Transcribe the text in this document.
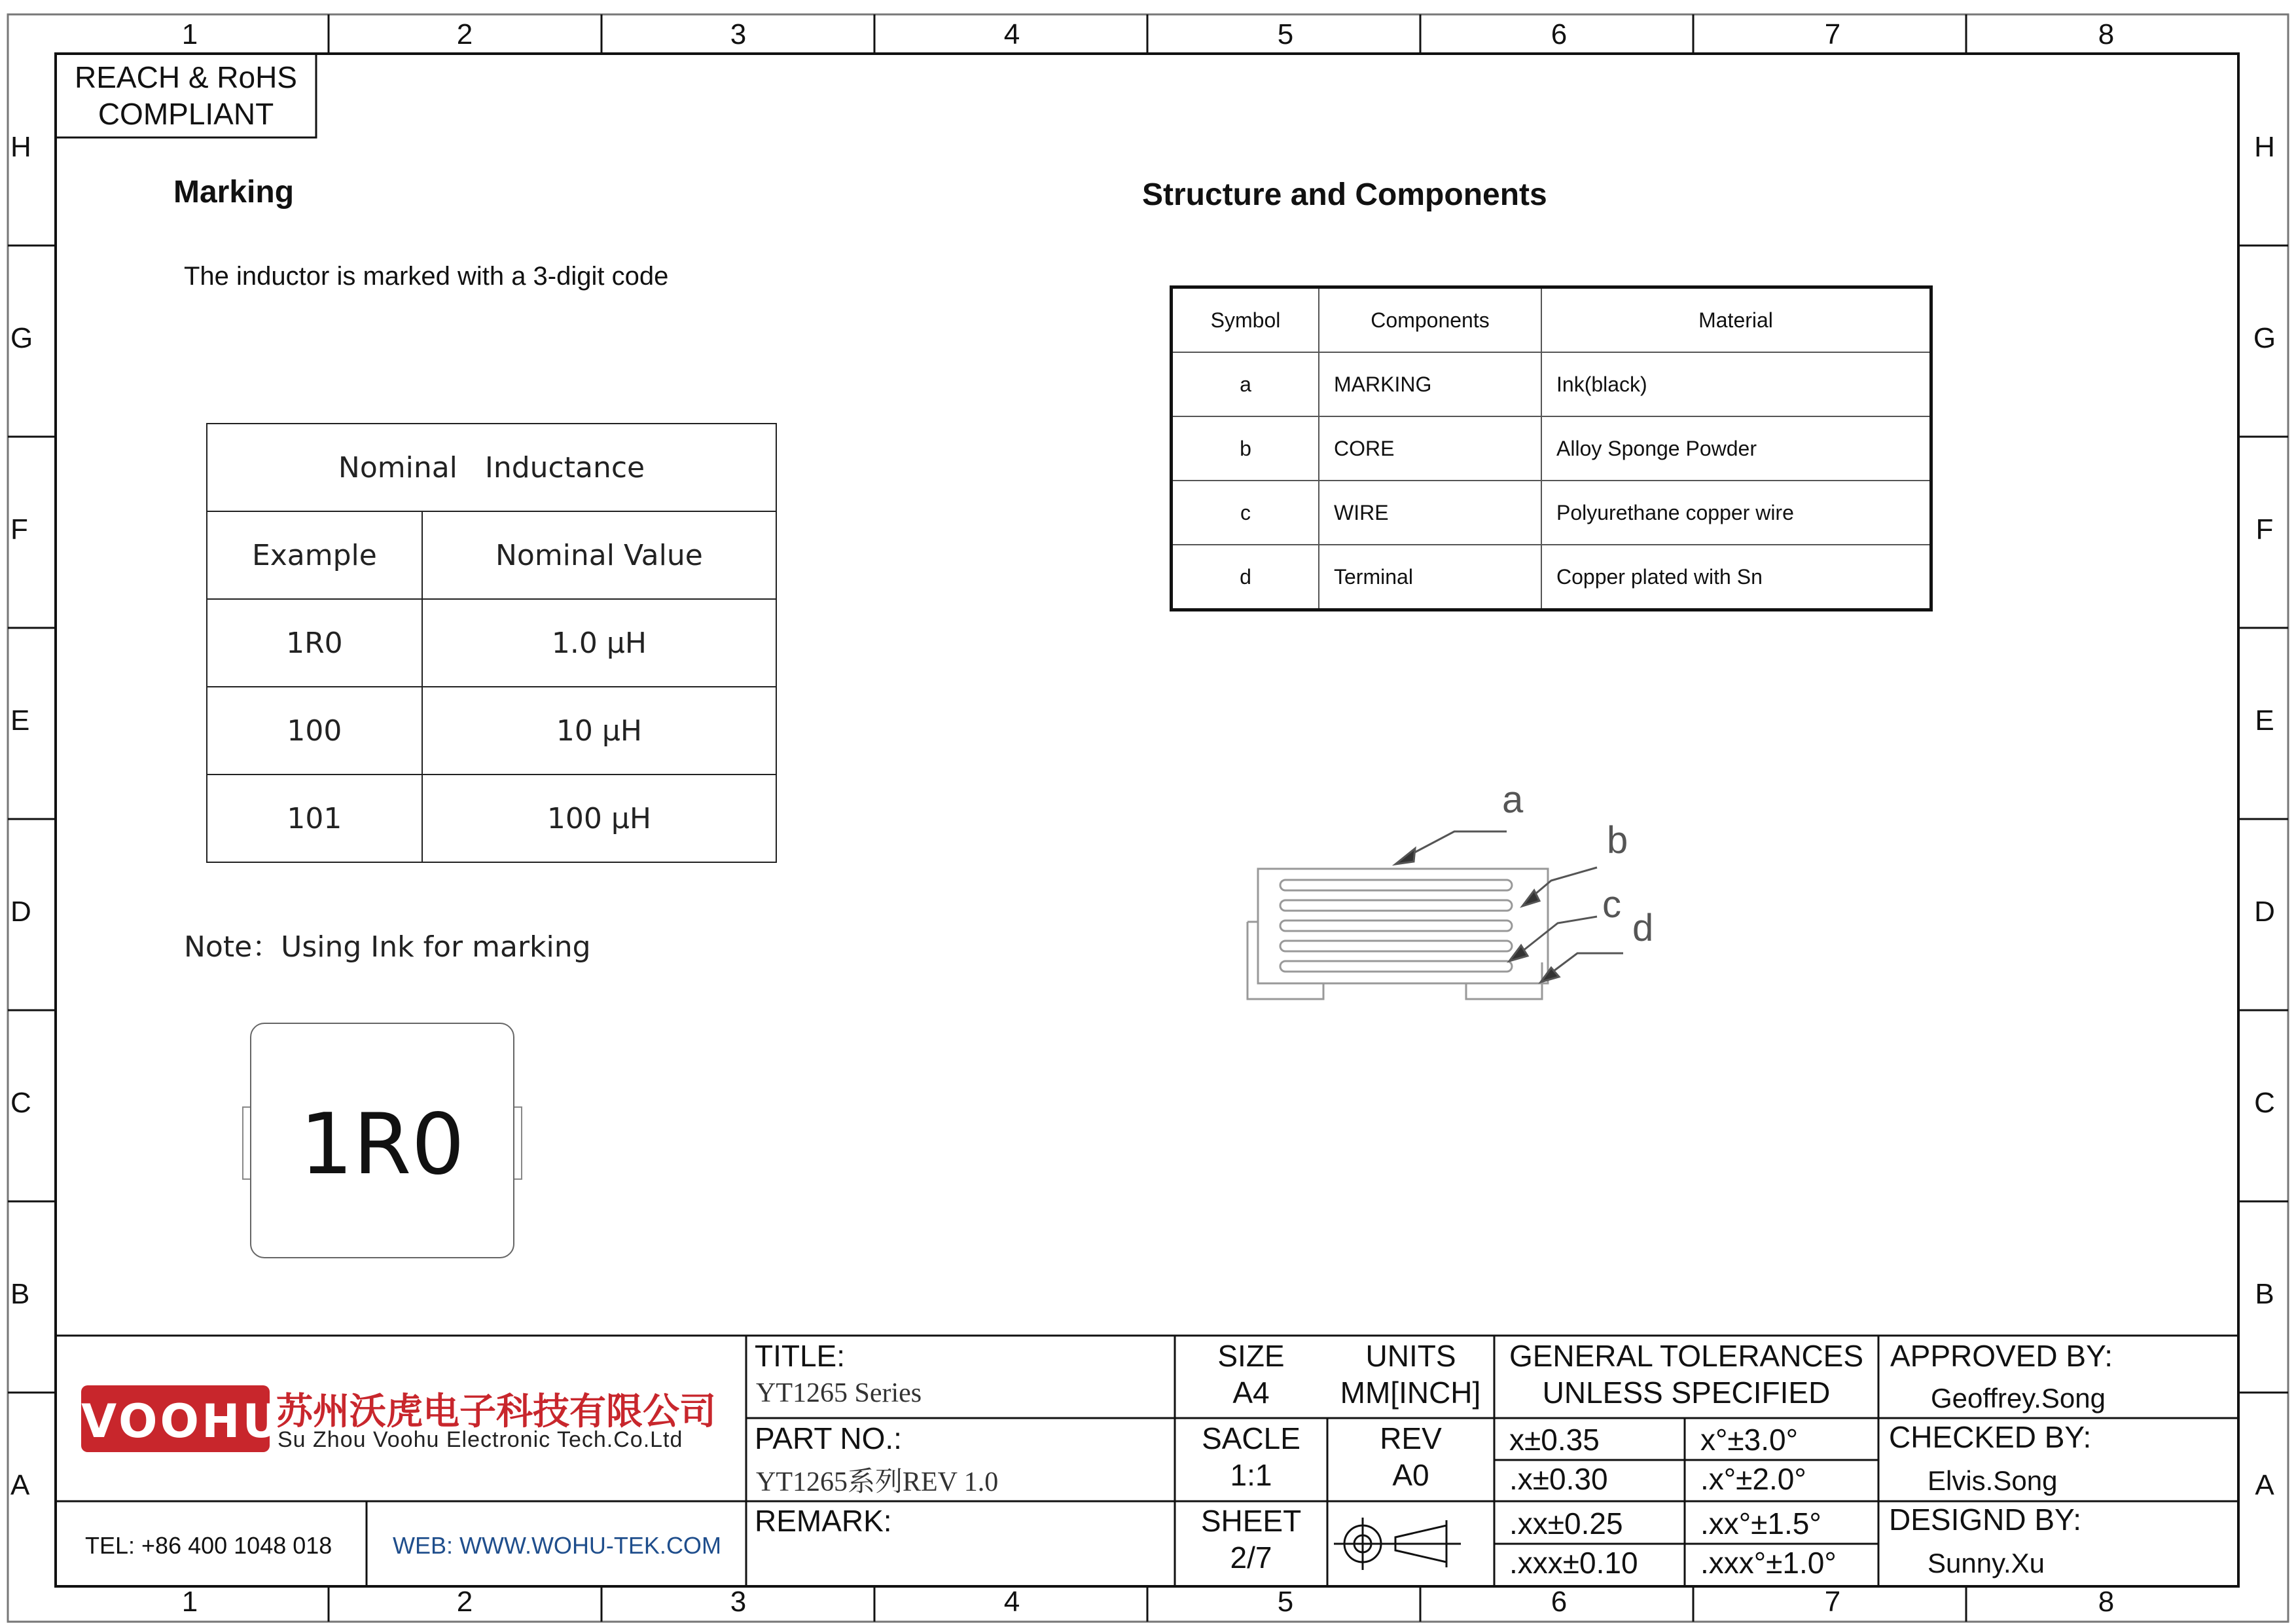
1	2	3	4	5	6	7	8
1	2	3	4	5	6	7	8
H
G
F
E
D
C
B
A
H
G
F
E
D
C
B
A
REACH & RoHS
COMPLIANT
Marking
The inductor is marked with a 3-digit code
Nominal   Inductance	
Example	Nominal Value
1R0	1.0 µH
100	10 µH
101	100 µH
Note：Using Ink for marking
1R0
Structure and Components
Symbol	Components	Material
a	MARKING	Ink(black)
b	CORE	Alloy Sponge Powder
c	WIRE	Polyurethane copper wire
d	Terminal	Copper plated with Sn
a
b
c
d
VOOHU
苏州沃虎电子科技有限公司
Su Zhou Voohu Electronic Tech.Co.Ltd
TEL: +86 400 1048 018	WEB: WWW.WOHU-TEK.COM
TITLE:
YT1265 Series
PART NO.:
YT1265系列REV 1.0
REMARK:
SIZE
A4
UNITS
MM[INCH]
SACLE
1:1
REV
A0
SHEET
2/7
GENERAL TOLERANCES
UNLESS SPECIFIED
x±0.35	x°±3.0°
.x±0.30	.x°±2.0°
.xx±0.25	.xx°±1.5°
.xxx±0.10 .xxx°±1.0°
APPROVED BY:
Geoffrey.Song
CHECKED BY:
Elvis.Song
DESIGND BY:
Sunny.Xu
